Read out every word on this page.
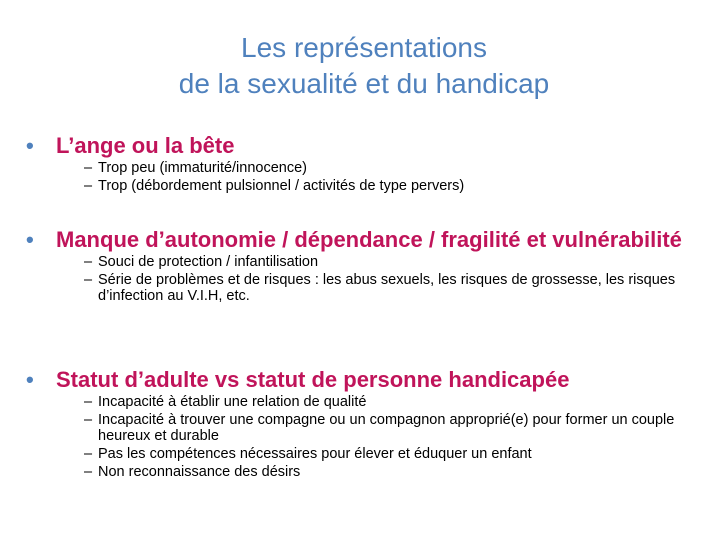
Les représentations
de la sexualité et du handicap
• L’ange ou la bête
– Trop peu (immaturité/innocence)
– Trop (débordement pulsionnel / activités de type pervers)
• Manque d’autonomie / dépendance / fragilité et vulnérabilité
– Souci de protection / infantilisation
– Série de problèmes et de risques : les abus sexuels, les risques de grossesse, les risques d’infection au V.I.H, etc.
• Statut d’adulte vs statut de personne handicapée
– Incapacité à établir une relation de qualité
– Incapacité à trouver une compagne ou un compagnon approprié(e) pour former un couple heureux et durable
– Pas les compétences nécessaires pour élever et éduquer un enfant
– Non reconnaissance des désirs
